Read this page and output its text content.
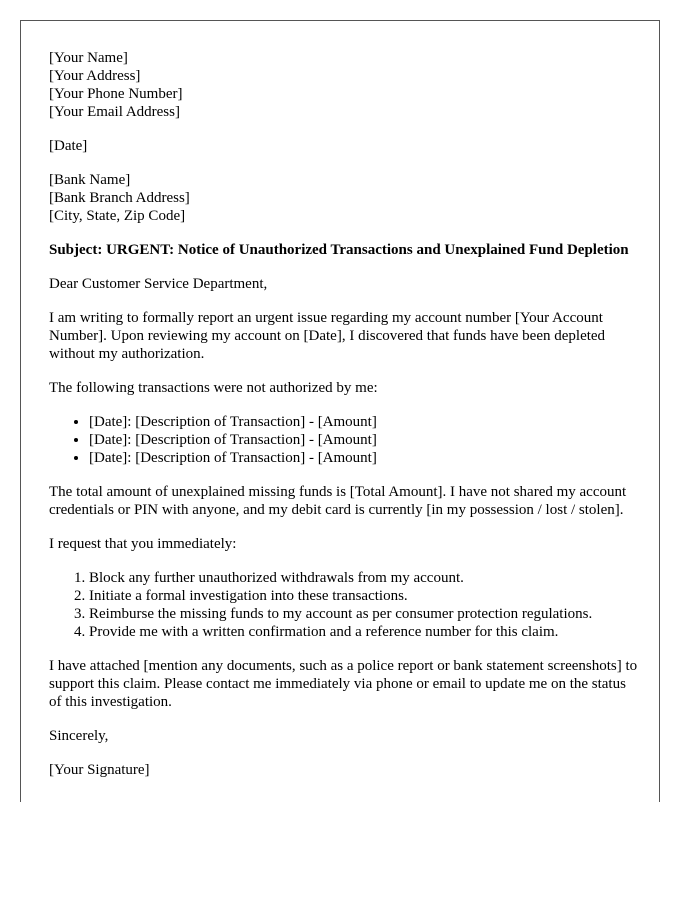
[Your Name]
[Your Address]
[Your Phone Number]
[Your Email Address]

[Date]

[Bank Name]
[Bank Branch Address]
[City, State, Zip Code]

Subject: URGENT: Notice of Unauthorized Transactions and Unexplained Fund Depletion

Dear Customer Service Department,

I am writing to formally report an urgent issue regarding my account number [Your Account Number]. Upon reviewing my account on [Date], I discovered that funds have been depleted without my authorization.

The following transactions were not authorized by me:

• [Date]: [Description of Transaction] - [Amount]
• [Date]: [Description of Transaction] - [Amount]
• [Date]: [Description of Transaction] - [Amount]

The total amount of unexplained missing funds is [Total Amount]. I have not shared my account credentials or PIN with anyone, and my debit card is currently [in my possession / lost / stolen].

I request that you immediately:

1. Block any further unauthorized withdrawals from my account.
2. Initiate a formal investigation into these transactions.
3. Reimburse the missing funds to my account as per consumer protection regulations.
4. Provide me with a written confirmation and a reference number for this claim.

I have attached [mention any documents, such as a police report or bank statement screenshots] to support this claim. Please contact me immediately via phone or email to update me on the status of this investigation.

Sincerely,

[Your Signature]
